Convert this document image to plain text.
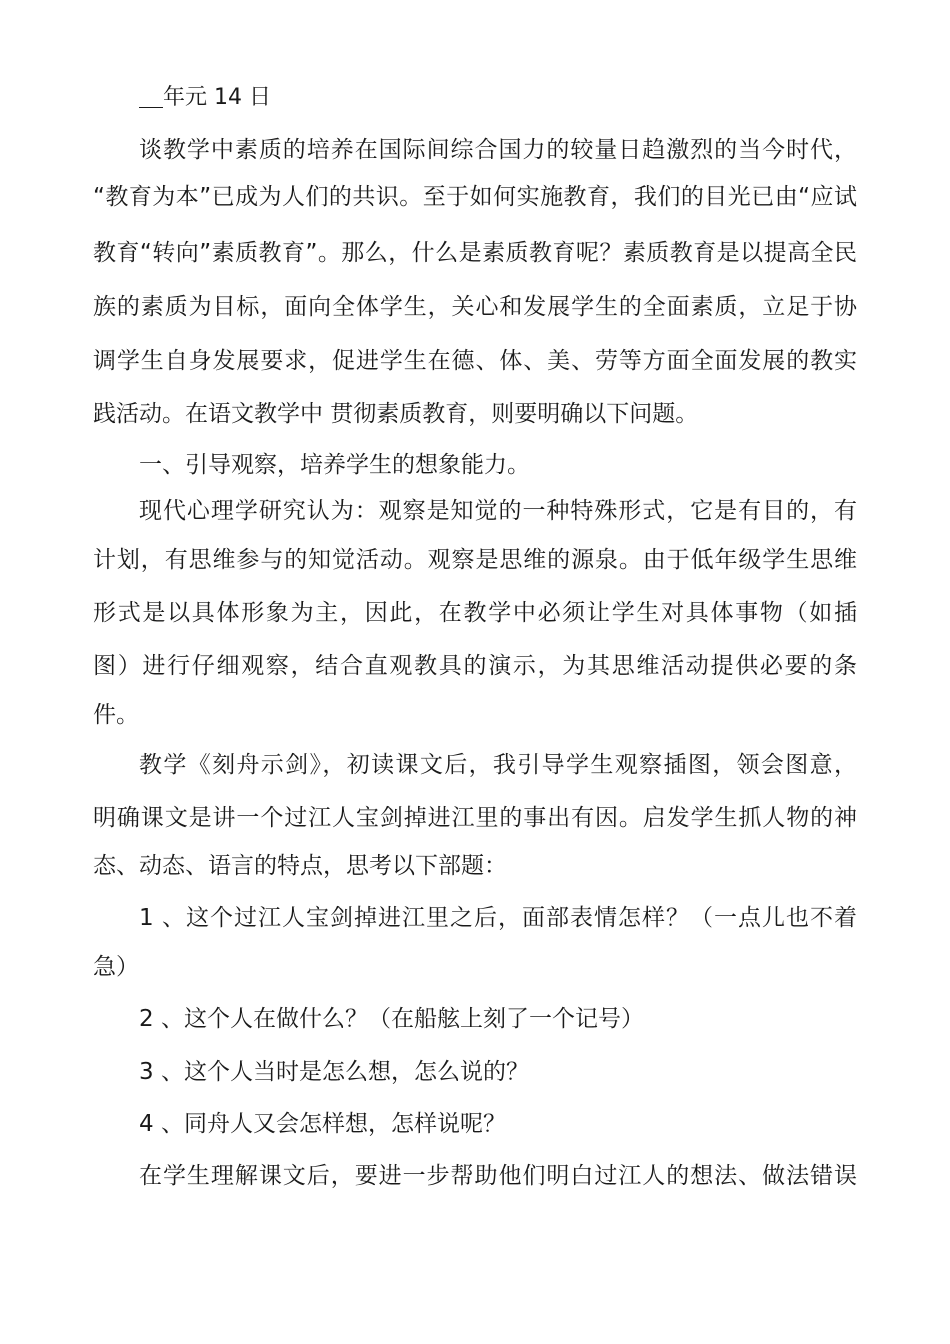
年元 14 日
谈教学中素质的培养在国际间综合国力的较量日趋激烈的当今时代，
“教育为本”已成为人们的共识。至于如何实施教育，我们的目光已由“应试
教育“转向”素质教育”。那么，什么是素质教育呢？素质教育是以提高全民
族的素质为目标，面向全体学生，关心和发展学生的全面素质，立足于协
调学生自身发展要求，促进学生在德、体、美、劳等方面全面发展的教实
践活动。在语文教学中 贯彻素质教育，则要明确以下问题。
一、引导观察，培养学生的想象能力。
现代心理学研究认为：观察是知觉的一种特殊形式，它是有目的，有
计划，有思维参与的知觉活动。观察是思维的源泉。由于低年级学生思维
形式是以具体形象为主，因此，在教学中必须让学生对具体事物（如插
图）进行仔细观察，结合直观教具的演示，为其思维活动提供必要的条
件。
教学《刻舟示剑》，初读课文后，我引导学生观察插图，领会图意，
明确课文是讲一个过江人宝剑掉进江里的事出有因。启发学生抓人物的神
态、动态、语言的特点，思考以下部题：
1 、这个过江人宝剑掉进江里之后，面部表情怎样？（一点儿也不着
急）
2 、这个人在做什么？（在船舷上刻了一个记号）
3 、这个人当时是怎么想，怎么说的？
4 、同舟人又会怎样想，怎样说呢？
在学生理解课文后，要进一步帮助他们明白过江人的想法、做法错误
